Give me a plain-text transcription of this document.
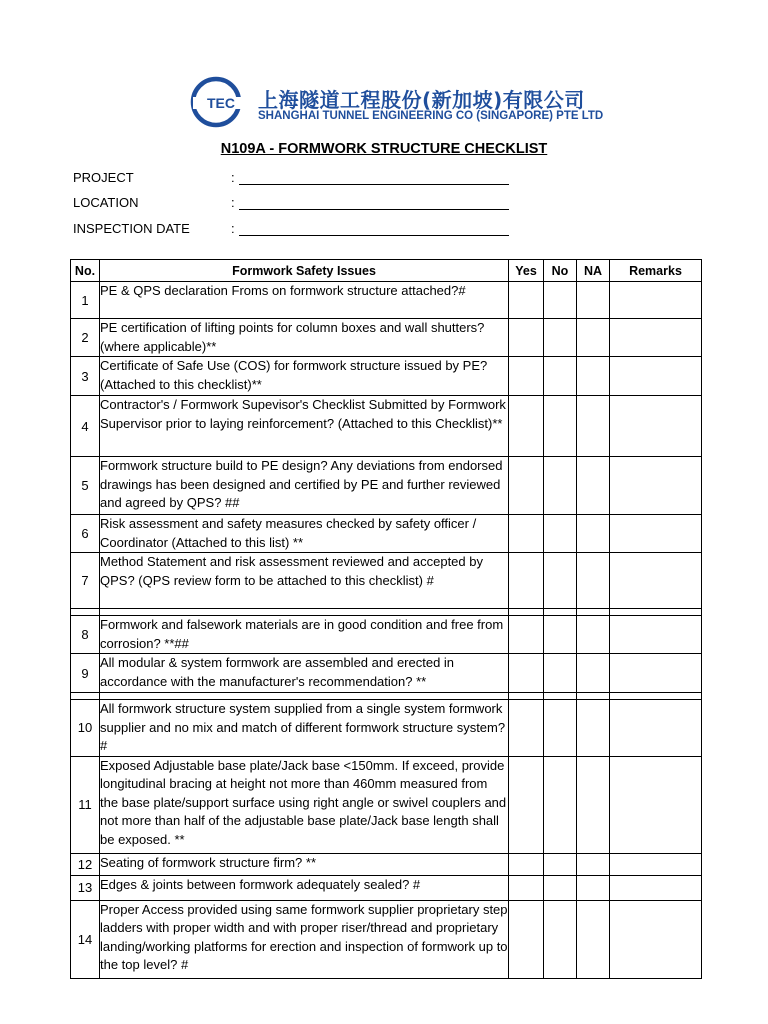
TEC 上海隧道工程股份(新加坡)有限公司
SHANGHAI TUNNEL ENGINEERING CO (SINGAPORE) PTE LTD
N109A - FORMWORK STRUCTURE CHECKLIST
PROJECT	:
LOCATION	:
INSPECTION DATE	:
No.	Formwork Safety Issues	Yes	No	NA	Remarks
1	PE & QPS declaration Froms on formwork structure attached?#				
2	PE certification of lifting points for column boxes and wall shutters? (where applicable)**				
3	Certificate of Safe Use (COS) for formwork structure issued by PE? (Attached to this checklist)**				
4	Contractor's / Formwork Supevisor's Checklist Submitted by Formwork Supervisor prior to laying reinforcement? (Attached to this Checklist)**				
5	Formwork structure build to PE design? Any deviations from endorsed drawings has been designed and certified by PE and further reviewed and agreed by QPS? ##				
6	Risk assessment and safety measures checked by safety officer / Coordinator (Attached to this list) **				
7	Method Statement and risk assessment reviewed and accepted by QPS? (QPS review form to be attached to this checklist) #				

8	Formwork and falsework materials are in good condition and free from corrosion? **##				
9	All modular & system formwork are assembled and erected in accordance with the manufacturer's recommendation? **				

10	All formwork structure system supplied from a single system formwork supplier and no mix and match of different formwork structure system? #				
11	Exposed Adjustable base plate/Jack base <150mm. If exceed, provide longitudinal bracing at height not more than 460mm measured from the base plate/support surface using right angle or swivel couplers and not more than half of the adjustable base plate/Jack base length shall be exposed. **				
12	Seating of formwork structure firm? **				
13	Edges & joints between formwork adequately sealed? #				
14	Proper Access provided using same formwork supplier proprietary step ladders with proper width and with proper riser/thread and proprietary landing/working platforms for erection and inspection of formwork up to the top level? #				
